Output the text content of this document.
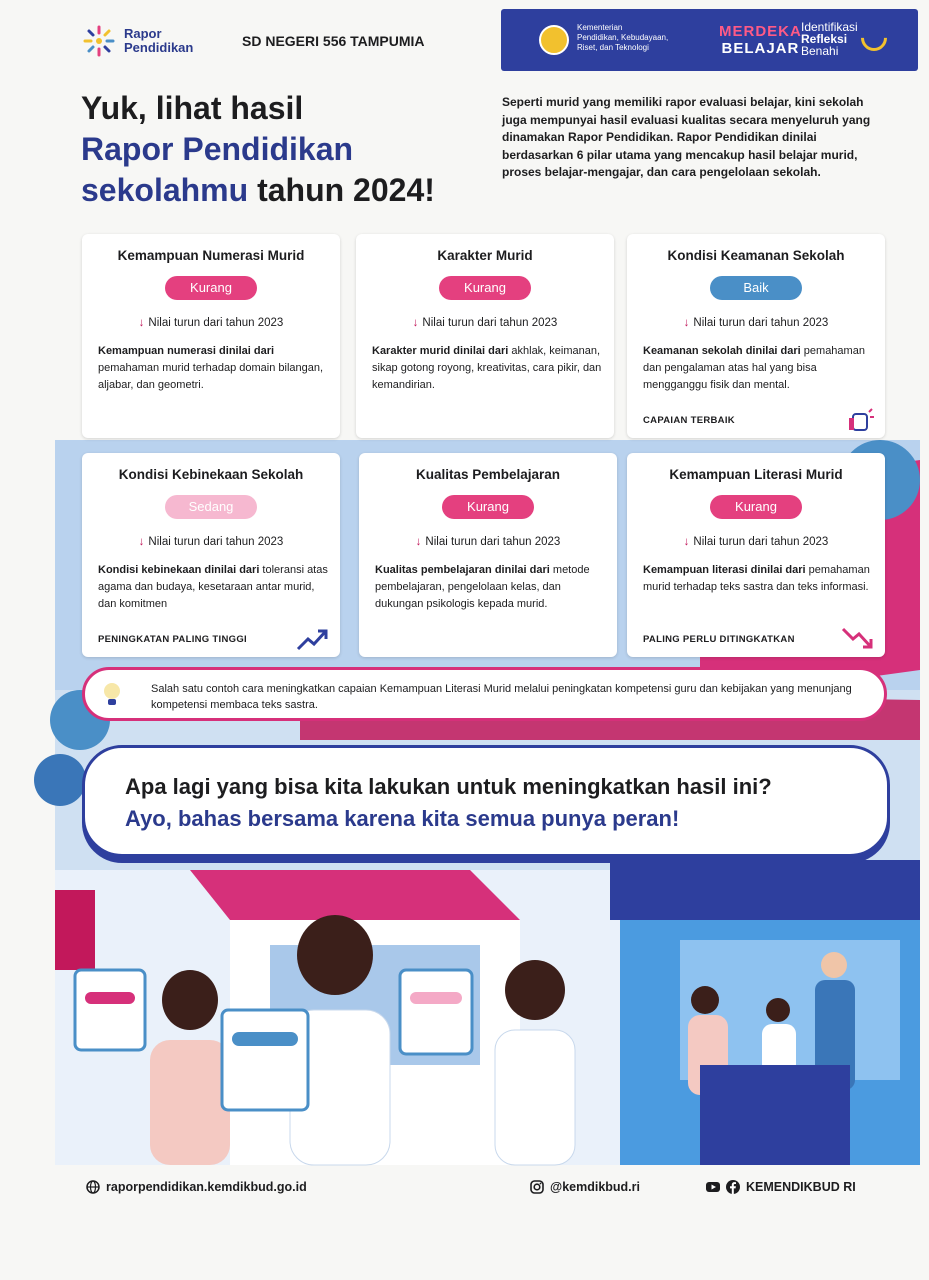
Rapor
Pendidikan	SD NEGERI 556 TAMPUMIA
Kementerian
Pendidikan, Kebudayaan,
Riset, dan Teknologi
MERDEKA
BELAJAR
Identifikasi
Refleksi
Benahi
Yuk, lihat hasil
Rapor Pendidikan
sekolahmu tahun 2024!
Seperti murid yang memiliki rapor evaluasi belajar, kini sekolah juga mempunyai hasil evaluasi kualitas secara menyeluruh yang dinamakan Rapor Pendidikan. Rapor Pendidikan dinilai berdasarkan 6 pilar utama yang mencakup hasil belajar murid, proses belajar-mengajar, dan cara pengelolaan sekolah.
Kemampuan Numerasi Murid
Kurang
↓ Nilai turun dari tahun 2023
Kemampuan numerasi dinilai dari pemahaman murid terhadap domain bilangan, aljabar, dan geometri.
Karakter Murid
Kurang
↓ Nilai turun dari tahun 2023
Karakter murid dinilai dari akhlak, keimanan, sikap gotong royong, kreativitas, cara pikir, dan kemandirian.
Kondisi Keamanan Sekolah
Baik
↓ Nilai turun dari tahun 2023
Keamanan sekolah dinilai dari pemahaman dan pengalaman atas hal yang bisa mengganggu fisik dan mental.
CAPAIAN TERBAIK
Kondisi Kebinekaan Sekolah
Sedang
↓ Nilai turun dari tahun 2023
Kondisi kebinekaan dinilai dari toleransi atas agama dan budaya, kesetaraan antar murid, dan komitmen
PENINGKATAN PALING TINGGI
Kualitas Pembelajaran
Kurang
↓ Nilai turun dari tahun 2023
Kualitas pembelajaran dinilai dari metode pembelajaran, pengelolaan kelas, dan dukungan psikologis kepada murid.
Kemampuan Literasi Murid
Kurang
↓ Nilai turun dari tahun 2023
Kemampuan literasi dinilai dari pemahaman murid terhadap teks sastra dan teks informasi.
PALING PERLU DITINGKATKAN

Salah satu contoh cara meningkatkan capaian Kemampuan Literasi Murid melalui peningkatan kompetensi guru dan kebijakan yang menunjang kompetensi membaca teks sastra.

Apa lagi yang bisa kita lakukan untuk meningkatkan hasil ini?
Ayo, bahas bersama karena kita semua punya peran!
raporpendidikan.kemdikbud.go.id	@kemdikbud.ri	KEMENDIKBUD RI
